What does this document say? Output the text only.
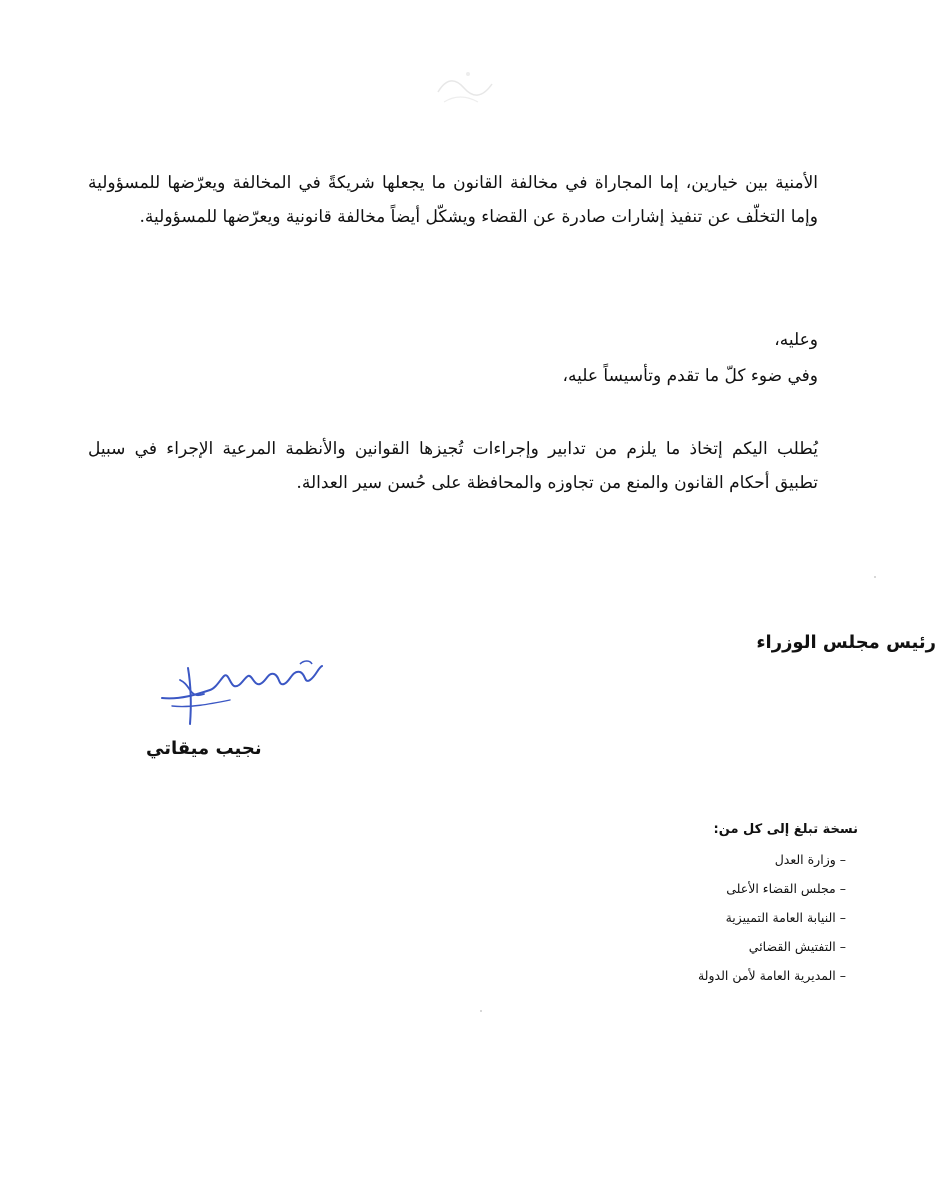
الأمنية بين خيارين، إما المجاراة في مخالفة القانون ما يجعلها شريكةً في المخالفة ويعرّضها للمسؤولية
وإما التخلّف عن تنفيذ إشارات صادرة عن القضاء ويشكّل أيضاً مخالفة قانونية ويعرّضها للمسؤولية.

وعليه،
وفي ضوء كلّ ما تقدم وتأسيساً عليه،

يُطلب اليكم إتخاذ ما يلزم من تدابير وإجراءات تُجيزها القوانين والأنظمة المرعية الإجراء في سبيل
تطبيق أحكام القانون والمنع من تجاوزه والمحافظة على حُسن سير العدالة.

رئيس مجلس الوزراء
نجيب ميقاتي
نسخة تبلغ إلى كل من:
– وزارة العدل
– مجلس القضاء الأعلى
– النيابة العامة التمييزية
– التفتيش القضائي
– المديرية العامة لأمن الدولة
